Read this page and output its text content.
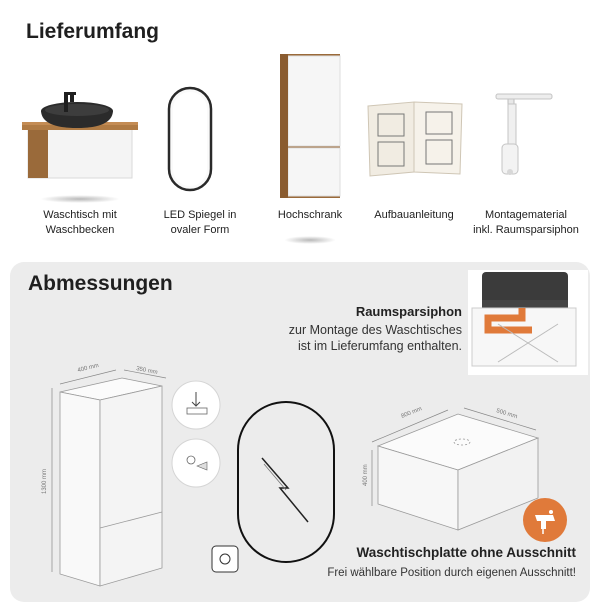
Lieferumfang
Waschtisch mit
Waschbecken
LED Spiegel in
ovaler Form
Hochschrank	Aufbauanleitung	Montagematerial
inkl. Raumsparsiphon
Abmessungen
Raumsparsiphon
zur Montage des Waschtisches
ist im Lieferumfang enthalten.
400 mm	350 mm
1300 mm
800 mm	500 mm
400 mm
Waschtischplatte ohne Ausschnitt
Frei wählbare Position durch eigenen Ausschnitt!
